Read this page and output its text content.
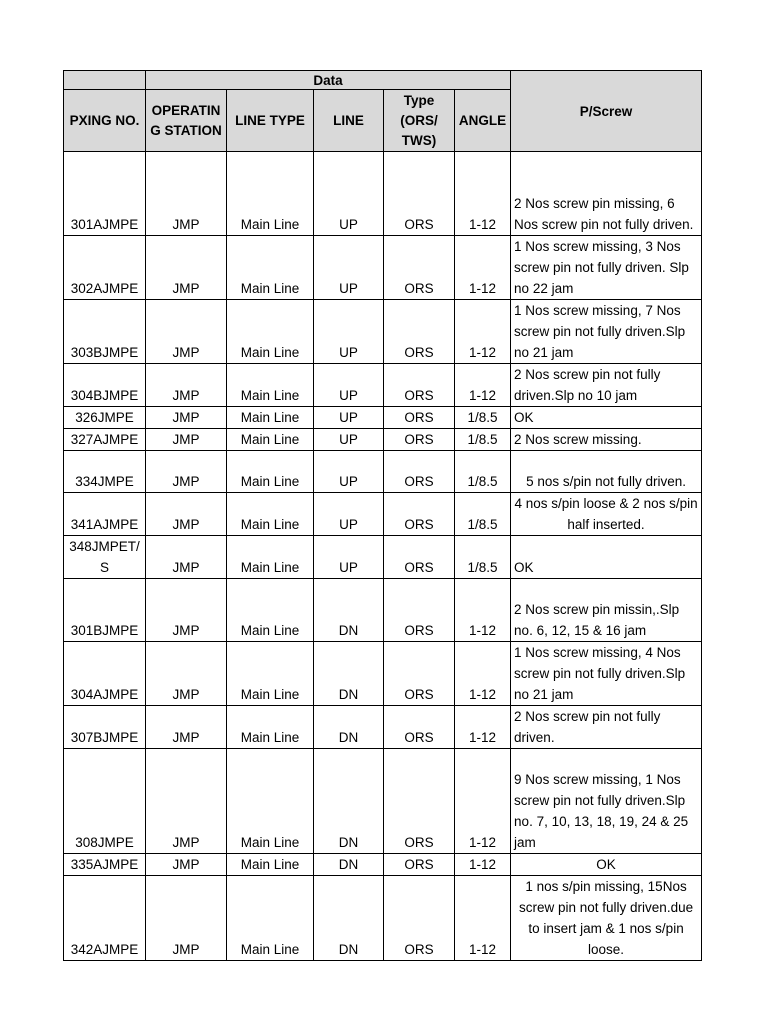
	Data					P/Screw
PXING NO.	OPERATIN G STATION	LINE TYPE	LINE	Type (ORS/ TWS)	ANGLE	
301AJMPE	JMP	Main Line	UP	ORS	1-12	2 Nos screw pin missing, 6 Nos screw pin not fully driven.
302AJMPE	JMP	Main Line	UP	ORS	1-12	1 Nos screw missing, 3 Nos screw pin not fully driven. Slp no 22 jam
303BJMPE	JMP	Main Line	UP	ORS	1-12	1 Nos screw missing, 7 Nos screw pin not fully driven.Slp no 21 jam
304BJMPE	JMP	Main Line	UP	ORS	1-12	2 Nos screw pin not fully driven.Slp no 10 jam
326JMPE	JMP	Main Line	UP	ORS	1/8.5	OK
327AJMPE	JMP	Main Line	UP	ORS	1/8.5	2 Nos screw missing.
334JMPE	JMP	Main Line	UP	ORS	1/8.5	5 nos s/pin not fully driven.
341AJMPE	JMP	Main Line	UP	ORS	1/8.5	4 nos s/pin loose & 2 nos s/pin half inserted.
348JMPET/ S	JMP	Main Line	UP	ORS	1/8.5	OK
301BJMPE	JMP	Main Line	DN	ORS	1-12	2 Nos screw pin missin,.Slp no. 6, 12, 15 & 16 jam
304AJMPE	JMP	Main Line	DN	ORS	1-12	1 Nos screw missing, 4 Nos screw pin not fully driven.Slp no 21 jam
307BJMPE	JMP	Main Line	DN	ORS	1-12	2 Nos screw pin not fully driven.
308JMPE	JMP	Main Line	DN	ORS	1-12	9 Nos screw missing, 1 Nos screw pin not fully driven.Slp no. 7, 10, 13, 18, 19, 24 & 25 jam
335AJMPE	JMP	Main Line	DN	ORS	1-12	OK
342AJMPE	JMP	Main Line	DN	ORS	1-12	1 nos s/pin missing, 15Nos screw pin not fully driven.due to insert jam & 1 nos s/pin loose.
